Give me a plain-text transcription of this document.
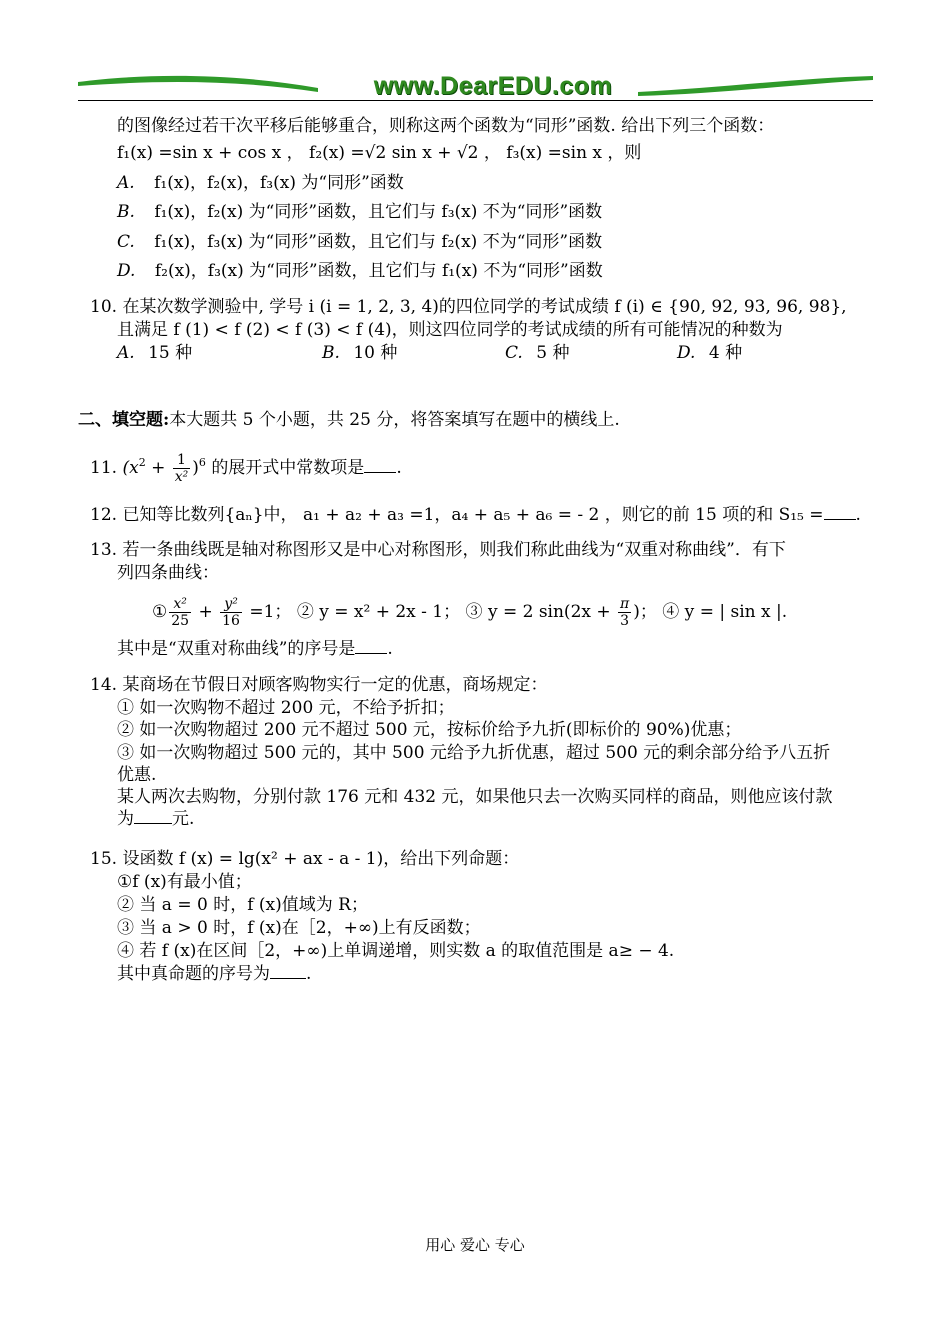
www.DearEDU.com
的图像经过若干次平移后能够重合，则称这两个函数为“同形”函数. 给出下列三个函数：
f₁(x) =sin x + cos x ， f₂(x) =√2 sin x + √2 ， f₃(x) =sin x ，则
A. f₁(x)，f₂(x)，f₃(x) 为“同形”函数
B. f₁(x)，f₂(x) 为“同形”函数，且它们与 f₃(x) 不为“同形”函数
C. f₁(x)，f₃(x) 为“同形”函数，且它们与 f₂(x) 不为“同形”函数
D. f₂(x)，f₃(x) 为“同形”函数，且它们与 f₁(x) 不为“同形”函数
10. 在某次数学测验中, 学号 i (i = 1, 2, 3, 4)的四位同学的考试成绩 f (i) ∈ {90, 92, 93, 96, 98},
且满足 f (1) < f (2) < f (3) < f (4)，则这四位同学的考试成绩的所有可能情况的种数为
A. 15 种	B. 10 种	C. 5 种	D. 4 种
二、填空题:本大题共 5 个小题，共 25 分，将答案填写在题中的横线上.
11. $(x^2 + \frac{1}{\text{x²}} )^6$ 的展开式中常数项是 .
12. 已知等比数列{aₙ}中， a₁ + a₂ + a₃ =1，a₄ + a₅ + a₆ = - 2 ，则它的前 15 项的和 S₁₅ = .
13. 若一条曲线既是轴对称图形又是中心对称图形，则我们称此曲线为“双重对称曲线”．有下
列四条曲线：
① $\frac{\text{x²}}{25} + \frac{\text{y²}}{16} =1$； ② y = x² + 2x - 1； ③ y = 2 $\sin(2x + \frac{\pi}{3}$ )； ④ y = | sin x |.
其中是“双重对称曲线”的序号是 .
14. 某商场在节假日对顾客购物实行一定的优惠，商场规定：
① 如一次购物不超过 200 元，不给予折扣；
② 如一次购物超过 200 元不超过 500 元，按标价给予九折(即标价的 90%)优惠；
③ 如一次购物超过 500 元的，其中 500 元给予九折优惠，超过 500 元的剩余部分给予八五折
优惠.
某人两次去购物，分别付款 176 元和 432 元，如果他只去一次购买同样的商品，则他应该付款
为 元.
15. 设函数 f (x) = lg(x² + ax - a - 1)，给出下列命题：
①f (x)有最小值；
② 当 a = 0 时，f (x)值域为 R；
③ 当 a > 0 时，f (x)在［2，+∞)上有反函数；
④ 若 f (x)在区间［2，+∞)上单调递增，则实数 a 的取值范围是 a≥ − 4.
其中真命题的序号为 .
用心 爱心 专心
